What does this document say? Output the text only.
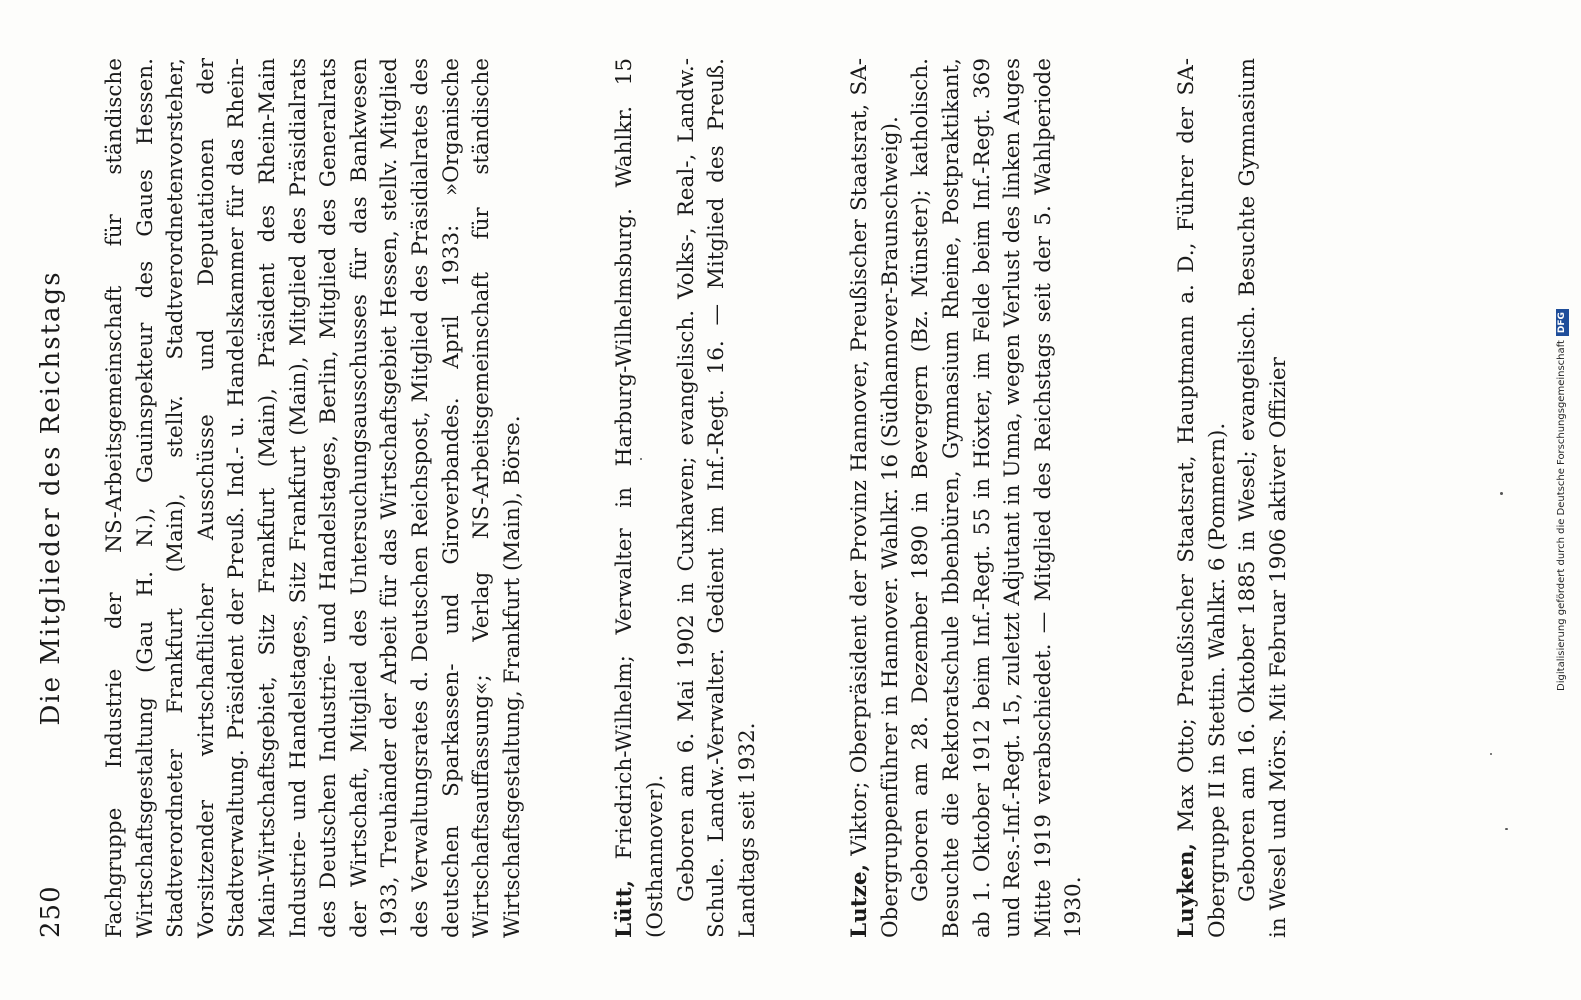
250
Die Mitglieder des Reichstags Fachgruppe Industrie der NS-Arbeitsgemeinschaft für ständische Wirtschaftsgestaltung (Gau H. N.), Gauinspekteur des Gaues Hessen. Stadtverordneter Frankfurt (Main), stellv. Stadtverordnetenvorsteher, Vorsitzender wirtschaftlicher Ausschüsse und Deputationen der Stadtverwaltung. Präsident der Preuß. Ind.- u. Handelskammer für das Rhein-Main-Wirtschaftsgebiet, Sitz Frankfurt (Main), Präsident des Rhein-Main Industrie- und Handelstages, Sitz Frankfurt (Main), Mitglied des Präsidialrats des Deutschen Industrie- und Handelstages, Berlin, Mitglied des Generalrats der Wirtschaft, Mitglied des Untersuchungsausschusses für das Bankwesen 1933, Treuhänder der Arbeit für das Wirtschaftsgebiet Hessen, stellv. Mitglied des Verwaltungsrates d. Deutschen Reichspost, Mitglied des Präsidialrates des deutschen Sparkassen- und Giroverbandes. April 1933: »Organische Wirtschaftsauffassung«; Verlag NS-Arbeitsgemeinschaft für ständische Wirtschaftsgestaltung, Frankfurt (Main), Börse.	Lütt, Friedrich-Wilhelm; Verwalter in Harburg-Wilhelmsburg. Wahlkr. 15 (Osthannover). Geboren am 6. Mai 1902 in Cuxhaven; evangelisch. Volks-, Real-, Landw.-Schule. Landw.-Verwalter. Gedient im Inf.-Regt. 16. — Mitglied des Preuß. Landtags seit 1932.	Lutze, Viktor; Oberpräsident der Provinz Hannover, Preußischer Staatsrat, SA-Obergruppenführer in Hannover. Wahlkr. 16 (Südhannover-Braunschweig). Geboren am 28. Dezember 1890 in Bevergern (Bz. Münster); katholisch. Besuchte die Rektoratschule Ibbenbüren, Gymnasium Rheine, Postpraktikant, ab 1. Oktober 1912 beim Inf.-Regt. 55 in Höxter, im Felde beim Inf.-Regt. 369 und Res.-Inf.-Regt. 15, zuletzt Adjutant in Unna, wegen Verlust des linken Auges Mitte 1919 verabschiedet. — Mitglied des Reichstags seit der 5. Wahlperiode 1930.	Luyken, Max Otto; Preußischer Staatsrat, Hauptmann a. D., Führer der SA-Obergruppe II in Stettin. Wahlkr. 6 (Pommern). Geboren am 16. Oktober 1885 in Wesel; evangelisch. Besuchte Gymnasium in Wesel und Mörs. Mit Februar 1906 aktiver Offizier	Digitalisierung gefördert durch die Deutsche ForschungsgemeinschaftDFG
